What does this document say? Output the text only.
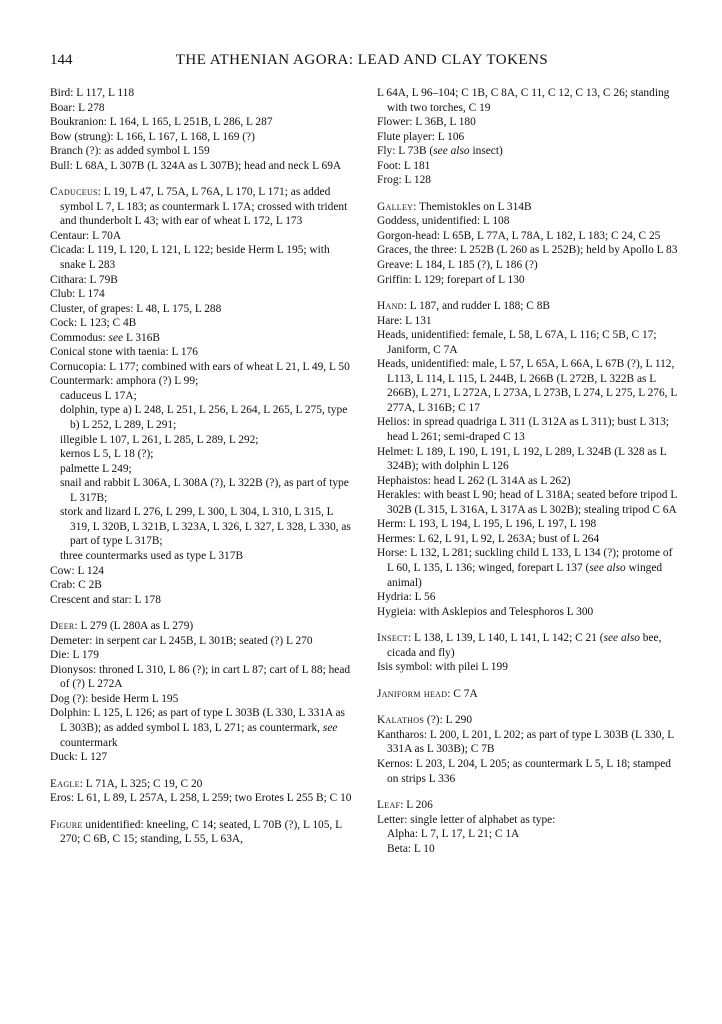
144	THE ATHENIAN AGORA: LEAD AND CLAY TOKENS
Bird: L 117, L 118
Boar: L 278
Boukranion: L 164, L 165, L 251B, L 286, L 287
Bow (strung): L 166, L 167, L 168, L 169 (?)
Branch (?): as added symbol L 159
Bull: L 68A, L 307B (L 324A as L 307B); head and neck L 69A
Caduceus: L 19, L 47, L 75A, L 76A, L 170, L 171; as added symbol L 7, L 183; as countermark L 17A; crossed with trident and thunderbolt L 43; with ear of wheat L 172, L 173
Centaur: L 70A
Cicada: L 119, L 120, L 121, L 122; beside Herm L 195; with snake L 283
Cithara: L 79B
Club: L 174
Cluster, of grapes: L 48, L 175, L 288
Cock: L 123; C 4B
Commodus: see L 316B
Conical stone with taenia: L 176
Cornucopia: L 177; combined with ears of wheat L 21, L 49, L 50
Countermark: amphora (?) L 99;
caduceus L 17A;
dolphin, type a) L 248, L 251, L 256, L 264, L 265, L 275, type b) L 252, L 289, L 291;
illegible L 107, L 261, L 285, L 289, L 292;
kernos L 5, L 18 (?);
palmette L 249;
snail and rabbit L 306A, L 308A (?), L 322B (?), as part of type L 317B;
stork and lizard L 276, L 299, L 300, L 304, L 310, L 315, L 319, L 320B, L 321B, L 323A, L 326, L 327, L 328, L 330, as part of type L 317B;
three countermarks used as type L 317B
Cow: L 124
Crab: C 2B
Crescent and star: L 178
Deer: L 279 (L 280A as L 279)
Demeter: in serpent car L 245B, L 301B; seated (?) L 270
Die: L 179
Dionysos: throned L 310, L 86 (?); in cart L 87; cart of L 88; head of (?) L 272A
Dog (?): beside Herm L 195
Dolphin: L 125, L 126; as part of type L 303B (L 330, L 331A as L 303B); as added symbol L 183, L 271; as countermark, see countermark
Duck: L 127
Eagle: L 71A, L 325; C 19, C 20
Eros: L 61, L 89, L 257A, L 258, L 259; two Erotes L 255 B; C 10
Figure unidentified: kneeling, C 14; seated, L 70B (?), L 105, L 270; C 6B, C 15; standing, L 55, L 63A,
L 64A, L 96–104; C 1B, C 8A, C 11, C 12, C 13, C 26; standing with two torches, C 19
Flower: L 36B, L 180
Flute player: L 106
Fly: L 73B (see also insect)
Foot: L 181
Frog: L 128
Galley: Themistokles on L 314B
Goddess, unidentified: L 108
Gorgon-head: L 65B, L 77A, L 78A, L 182, L 183; C 24, C 25
Graces, the three: L 252B (L 260 as L 252B); held by Apollo L 83
Greave: L 184, L 185 (?), L 186 (?)
Griffin: L 129; forepart of L 130
Hand: L 187, and rudder L 188; C 8B
Hare: L 131
Heads, unidentified: female, L 58, L 67A, L 116; C 5B, C 17; Janiform, C 7A
Heads, unidentified: male, L 57, L 65A, L 66A, L 67B (?), L 112, L113, L 114, L 115, L 244B, L 266B (L 272B, L 322B as L 266B), L 271, L 272A, L 273A, L 273B, L 274, L 275, L 276, L 277A, L 316B; C 17
Helios: in spread quadriga L 311 (L 312A as L 311); bust L 313; head L 261; semi-draped C 13
Helmet: L 189, L 190, L 191, L 192, L 289, L 324B (L 328 as L 324B); with dolphin L 126
Hephaistos: head L 262 (L 314A as L 262)
Herakles: with beast L 90; head of L 318A; seated before tripod L 302B (L 315, L 316A, L 317A as L 302B); stealing tripod C 6A
Herm: L 193, L 194, L 195, L 196, L 197, L 198
Hermes: L 62, L 91, L 92, L 263A; bust of L 264
Horse: L 132, L 281; suckling child L 133, L 134 (?); protome of L 60, L 135, L 136; winged, forepart L 137 (see also winged animal)
Hydria: L 56
Hygieia: with Asklepios and Telesphoros L 300
Insect: L 138, L 139, L 140, L 141, L 142; C 21 (see also bee, cicada and fly)
Isis symbol: with pilei L 199
Janiform head: C 7A
Kalathos (?): L 290
Kantharos: L 200, L 201, L 202; as part of type L 303B (L 330, L 331A as L 303B); C 7B
Kernos: L 203, L 204, L 205; as countermark L 5, L 18; stamped on strips L 336
Leaf: L 206
Letter: single letter of alphabet as type:
Alpha: L 7, L 17, L 21; C 1A
Beta: L 10
